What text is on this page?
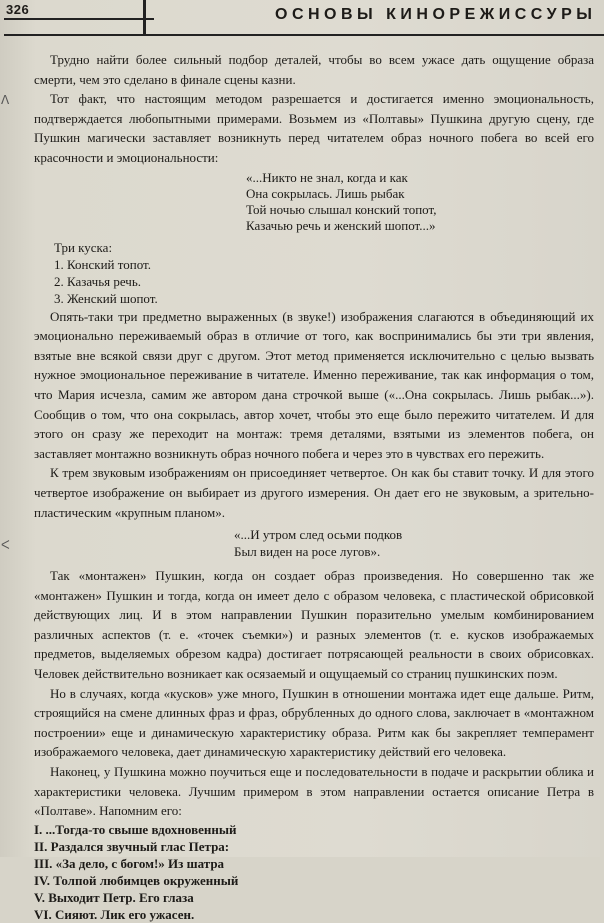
326	ОСНОВЫ КИНОРЕЖИССУРЫ
ᐱ
ᐸ

Трудно найти более сильный подбор деталей, чтобы во всем ужасе дать ощущение образа смерти, чем это сделано в финале сцены казни.

Тот факт, что настоящим методом разрешается и достигается именно эмоциональность, подтверждается любопытными примерами. Возьмем из «Полтавы» Пушкина другую сцену, где Пушкин магически заставляет возникнуть перед читателем образ ночного побега во всей его красочности и эмоциональности:

«...Никто не знал, когда и как
Она сокрылась. Лишь рыбак
Той ночью слышал конский топот,
Казачью речь и женский шопот...»
Три куска:
1. Конский топот.
2. Казачья речь.
3. Женский шопот.

Опять-таки три предметно выраженных (в звуке!) изображения слагаются в объединяющий их эмоционально переживаемый образ в отличие от того, как воспринимались бы эти три явления, взятые вне всякой связи друг с другом. Этот метод применяется исключительно с целью вызвать нужное эмоциональное переживание в читателе. Именно переживание, так как информация о том, что Мария исчезла, самим же автором дана строчкой выше («...Она сокрылась. Лишь рыбак...»). Сообщив о том, что она сокрылась, автор хочет, чтобы это еще было пережито читателем. И для этого он сразу же переходит на монтаж: тремя деталями, взятыми из элементов побега, он заставляет монтажно возникнуть образ ночного побега и через это в чувствах его пережить.

К трем звуковым изображениям он присоединяет четвертое. Он как бы ставит точку. И для этого четвертое изображение он выбирает из другого измерения. Он дает его не звуковым, а зрительно-пластическим «крупным планом».

«...И утром след осьми подков
Был виден на росе лугов».

Так «монтажен» Пушкин, когда он создает образ произведения. Но совершенно так же «монтажен» Пушкин и тогда, когда он имеет дело с образом человека, с пластической обрисовкой действующих лиц. И в этом направлении Пушкин поразительно умелым комбинированием различных аспектов (т. е. «точек съемки») и разных элементов (т. е. кусков изображаемых предметов, выделяемых обрезом кадра) достигает потрясающей реальности в своих обрисовках. Человек действительно возникает как осязаемый и ощущаемый со страниц пушкинских поэм.

Но в случаях, когда «кусков» уже много, Пушкин в отношении монтажа идет еще дальше. Ритм, строящийся на смене длинных фраз и фраз, обрубленных до одного слова, заключает в «монтажном построении» еще и динамическую характеристику образа. Ритм как бы закрепляет темперамент изображаемого человека, дает динамическую характеристику действий его человека.

Наконец, у Пушкина можно поучиться еще и последовательности в подаче и раскрытии облика и характеристики человека. Лучшим примером в этом направлении остается описание Петра в «Полтаве». Напомним его:

I. ...Тогда-то свыше вдохновенный
II. Раздался звучный глас Петра:
III. «За дело, с богом!» Из шатра
IV. Толпой любимцев окруженный
V. Выходит Петр. Его глаза
VI. Сияют. Лик его ужасен.
